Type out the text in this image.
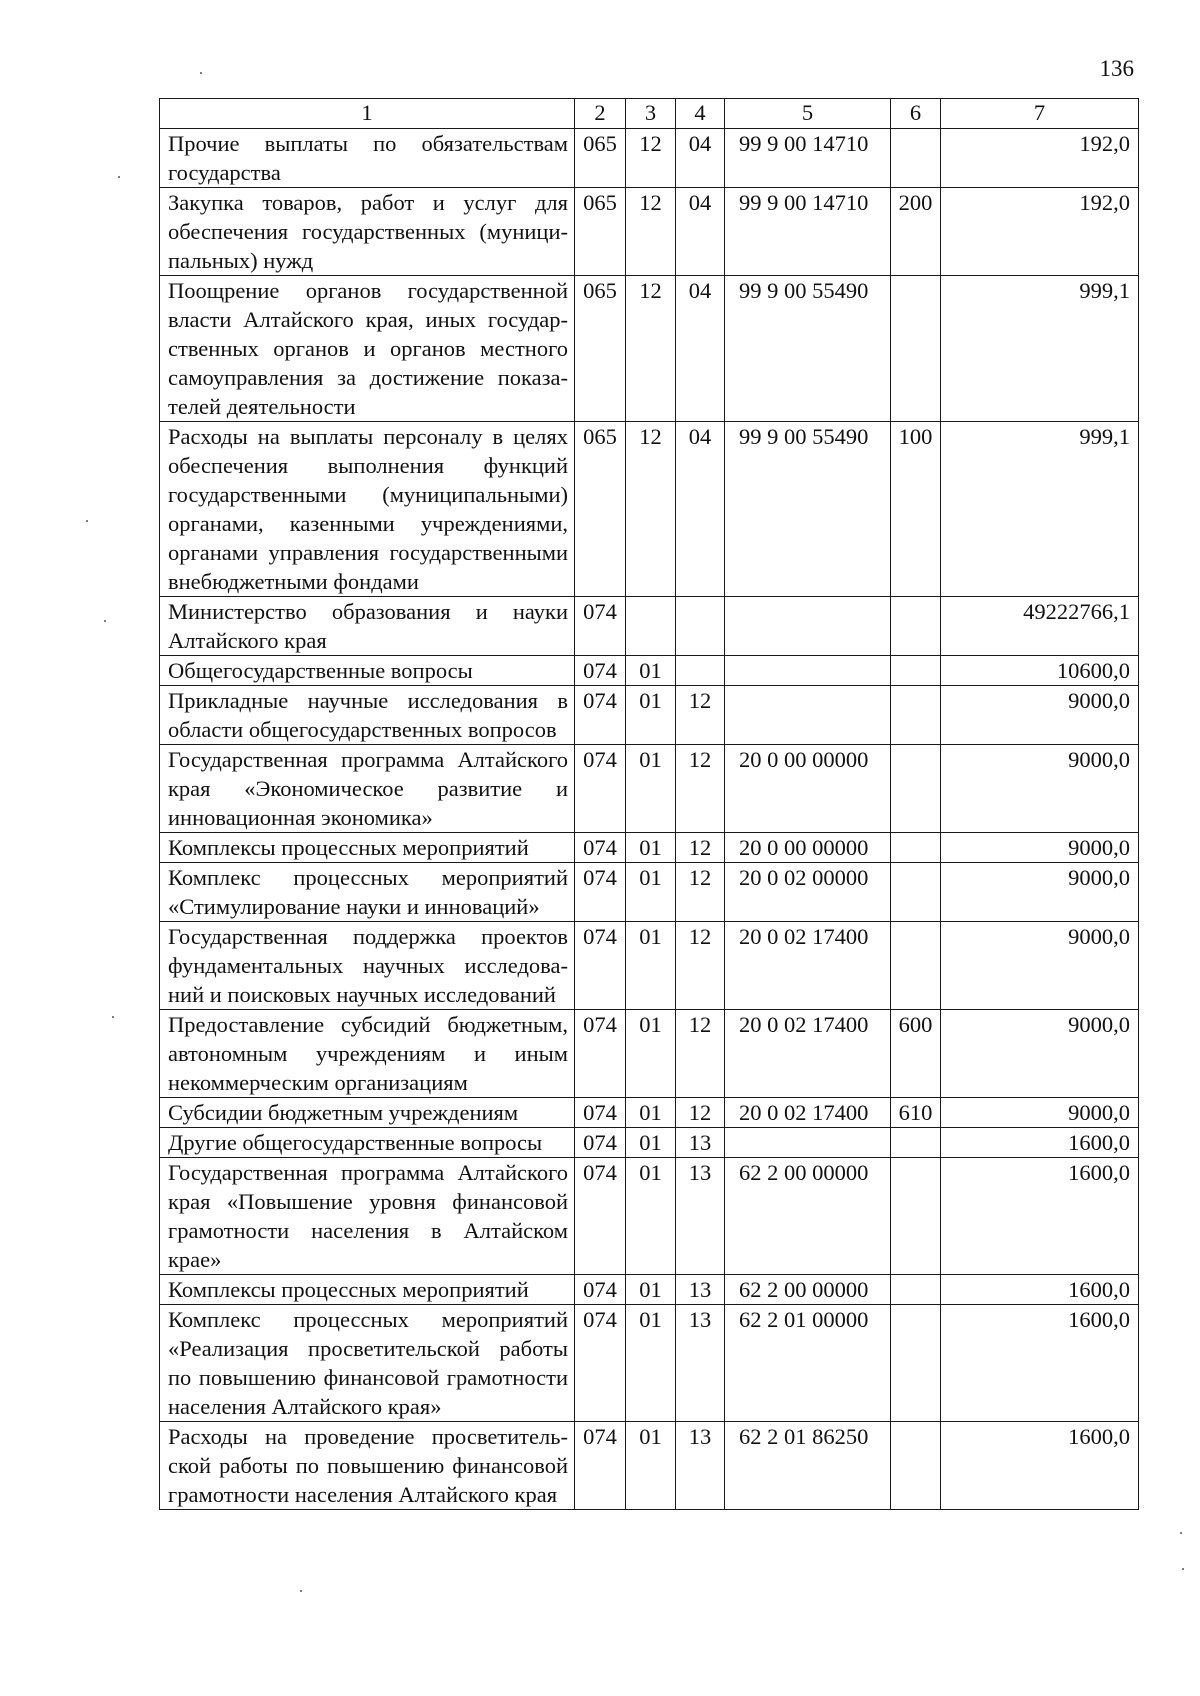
136
1	2	3	4	5	6	7
Прочие выплаты по обязательствам государства	065	12	04	99 9 00 14710		192,0
Закупка товаров, работ и услуг для обеспечения государственных (муниципальных) нужд	065	12	04	99 9 00 14710	200	192,0
Поощрение органов государственной власти Алтайского края, иных государственных органов и органов местного самоуправления за достижение показателей деятельности	065	12	04	99 9 00 55490		999,1
Расходы на выплаты персоналу в целях обеспечения выполнения функций государственными (муниципальными) органами, казенными учреждениями, органами управления государственными внебюджетными фондами	065	12	04	99 9 00 55490	100	999,1
Министерство образования и науки Алтайского края	074					49222766,1
Общегосударственные вопросы	074	01				10600,0
Прикладные научные исследования в области общегосударственных вопросов	074	01	12			9000,0
Государственная программа Алтайского края «Экономическое развитие и инновационная экономика»	074	01	12	20 0 00 00000		9000,0
Комплексы процессных мероприятий	074	01	12	20 0 00 00000		9000,0
Комплекс процессных мероприятий «Стимулирование науки и инноваций»	074	01	12	20 0 02 00000		9000,0
Государственная поддержка проектов фундаментальных научных исследований и поисковых научных исследований	074	01	12	20 0 02 17400		9000,0
Предоставление субсидий бюджетным, автономным учреждениям и иным некоммерческим организациям	074	01	12	20 0 02 17400	600	9000,0
Субсидии бюджетным учреждениям	074	01	12	20 0 02 17400	610	9000,0
Другие общегосударственные вопросы	074	01	13			1600,0
Государственная программа Алтайского края «Повышение уровня финансовой грамотности населения в Алтайском крае»	074	01	13	62 2 00 00000		1600,0
Комплексы процессных мероприятий	074	01	13	62 2 00 00000		1600,0
Комплекс процессных мероприятий «Реализация просветительской работы по повышению финансовой грамотности населения Алтайского края»	074	01	13	62 2 01 00000		1600,0
Расходы на проведение просветительской работы по повышению финансовой грамотности населения Алтайского края	074	01	13	62 2 01 86250		1600,0
